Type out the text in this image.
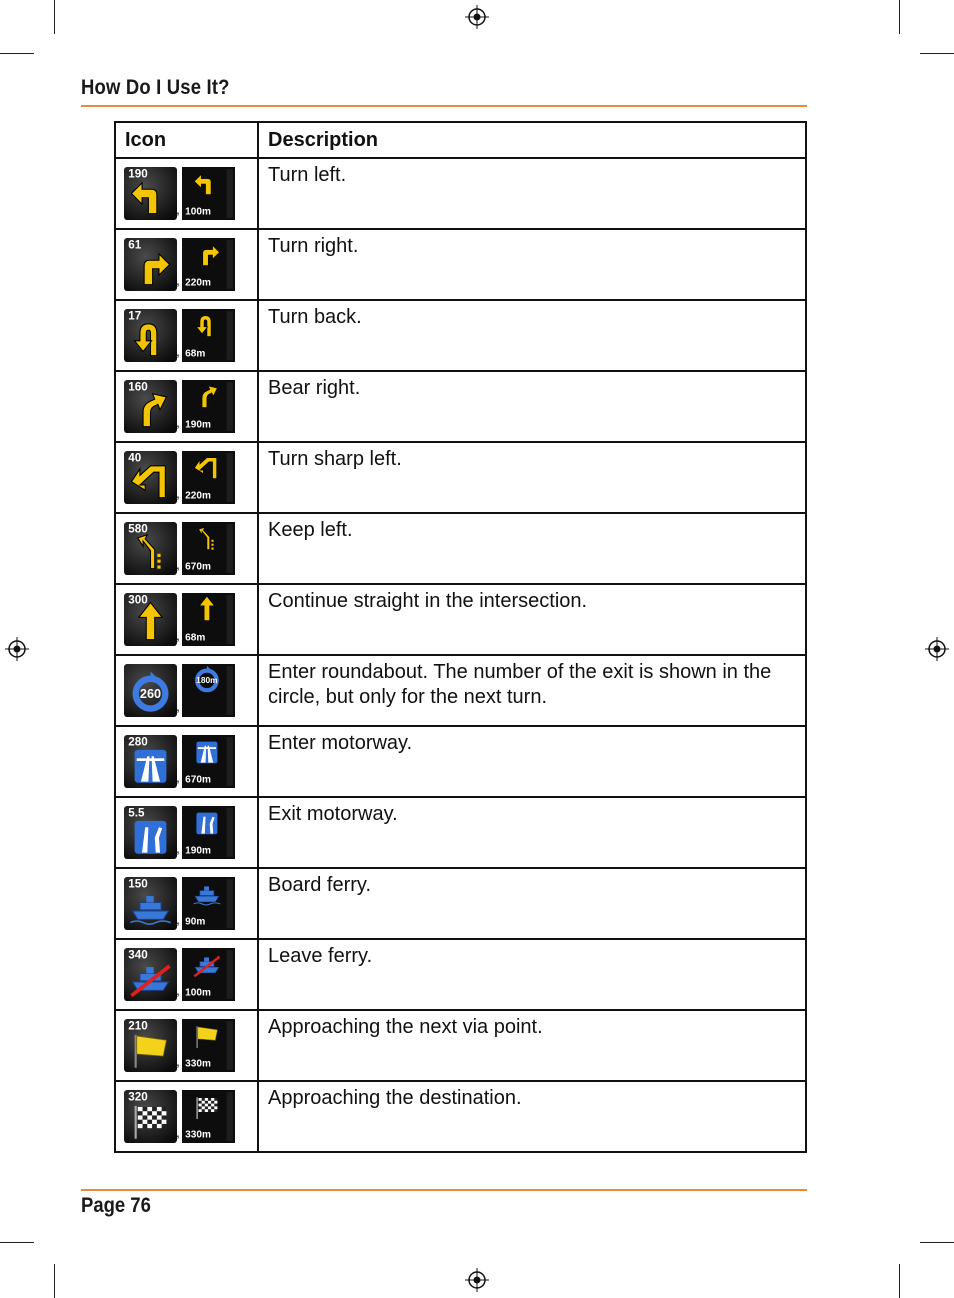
How Do I Use It?
Icon	Description

190
, 100m	Turn left.

61
, 220m	Turn right.

17
, 68m	Turn back.

160
, 190m	Bear right.

40
, 220m	Turn sharp left.

580
, 670m	Keep left.

300
, 68m	Continue straight in the intersection.

260
,
180m	Enter roundabout. The number of the exit is shown in the circle, but only for the next turn.

280
, 670m	Enter motorway.

5.5
, 190m	Exit motorway.

150
, 90m	Board ferry.

340
, 100m	Leave ferry.

210
, 330m	Approaching the next via point.

320
, 330m	Approaching the destination.
Page 76
